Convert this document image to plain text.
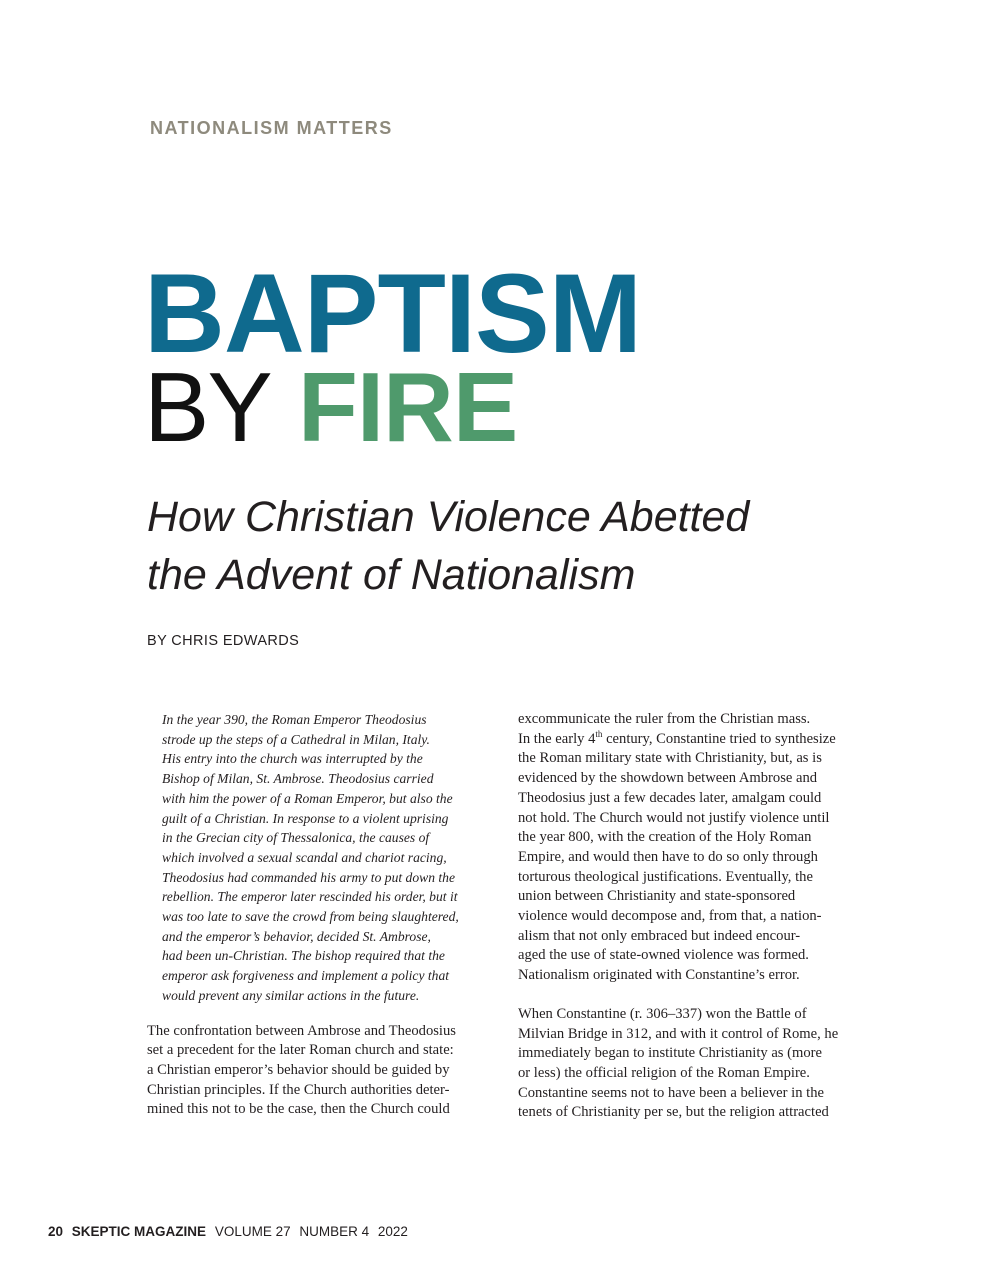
NATIONALISM MATTERS
BAPTISM
BY FIRE
How Christian Violence Abetted
the Advent of Nationalism

BY CHRIS EDWARDS

In the year 390, the Roman Emperor Theodosius
strode up the steps of a Cathedral in Milan, Italy.
His entry into the church was interrupted by the
Bishop of Milan, St. Ambrose. Theodosius carried
with him the power of a Roman Emperor, but also the
guilt of a Christian. In response to a violent uprising
in the Grecian city of Thessalonica, the causes of
which involved a sexual scandal and chariot racing,
Theodosius had commanded his army to put down the
rebellion. The emperor later rescinded his order, but it
was too late to save the crowd from being slaughtered,
and the emperor’s behavior, decided St. Ambrose,
had been un-Christian. The bishop required that the
emperor ask forgiveness and implement a policy that
would prevent any similar actions in the future.

The confrontation between Ambrose and Theodosius
set a precedent for the later Roman church and state:
a Christian emperor’s behavior should be guided by
Christian principles. If the Church authorities deter-
mined this not to be the case, then the Church could

excommunicate the ruler from the Christian mass.
In the early 4th century, Constantine tried to synthesize
the Roman military state with Christianity, but, as is
evidenced by the showdown between Ambrose and
Theodosius just a few decades later, amalgam could
not hold. The Church would not justify violence until
the year 800, with the creation of the Holy Roman
Empire, and would then have to do so only through
torturous theological justifications. Eventually, the
union between Christianity and state-sponsored
violence would decompose and, from that, a nation-
alism that not only embraced but indeed encour-
aged the use of state-owned violence was formed.
Nationalism originated with Constantine’s error.

When Constantine (r. 306–337) won the Battle of
Milvian Bridge in 312, and with it control of Rome, he
immediately began to institute Christianity as (more
or less) the official religion of the Roman Empire.
Constantine seems not to have been a believer in the
tenets of Christianity per se, but the religion attracted

20 SKEPTIC MAGAZINE VOLUME 27 NUMBER 4 2022
